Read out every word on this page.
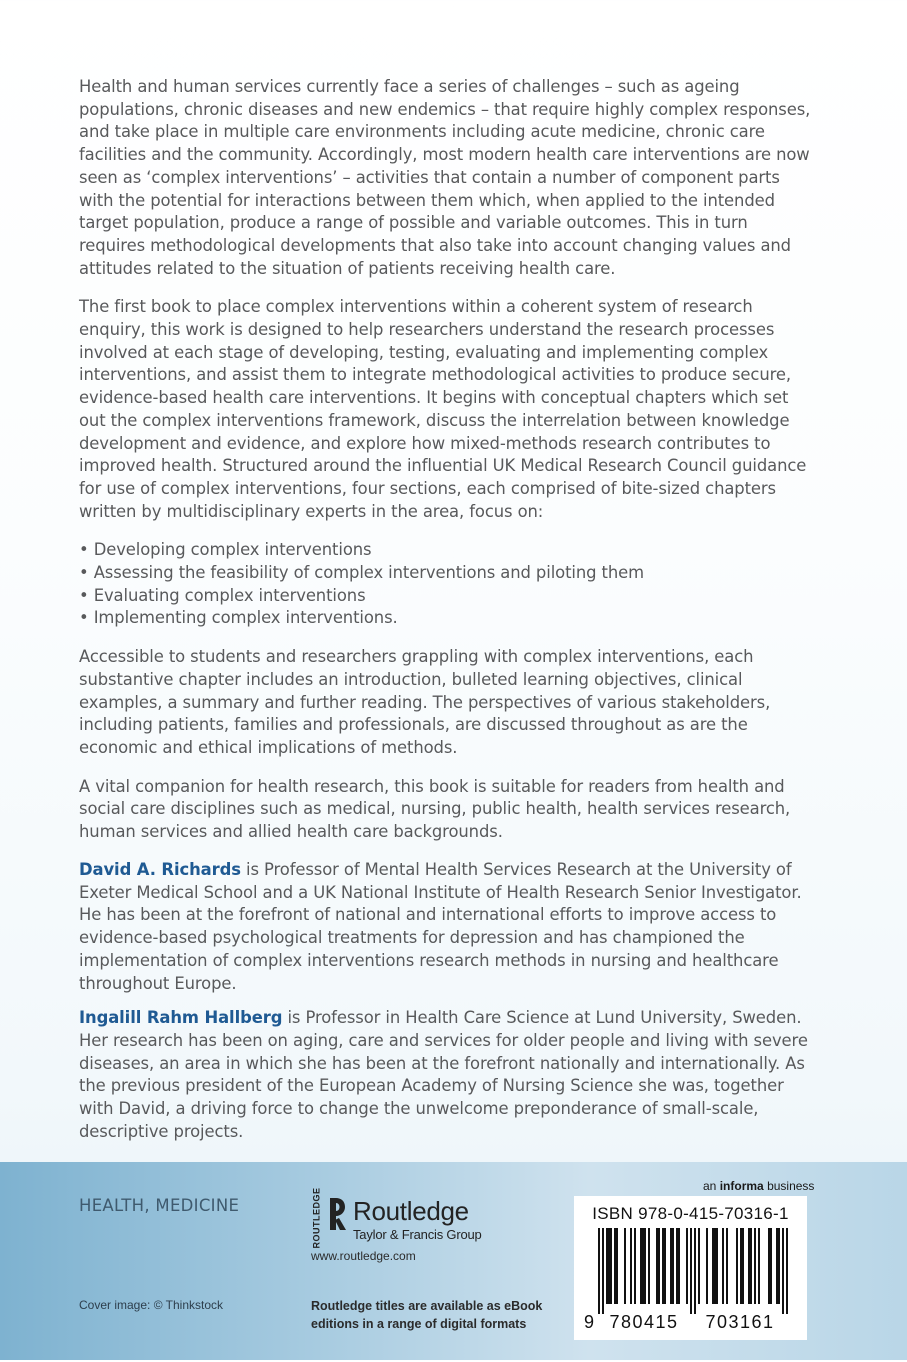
Health and human services currently face a series of challenges – such as ageing populations, chronic diseases and new endemics – that require highly complex responses, and take place in multiple care environments including acute medicine, chronic care facilities and the community. Accordingly, most modern health care interventions are now seen as ‘complex interventions’ – activities that contain a number of component parts with the potential for interactions between them which, when applied to the intended target population, produce a range of possible and variable outcomes. This in turn requires methodological developments that also take into account changing values and attitudes related to the situation of patients receiving health care.

The first book to place complex interventions within a coherent system of research enquiry, this work is designed to help researchers understand the research processes involved at each stage of developing, testing, evaluating and implementing complex interventions, and assist them to integrate methodological activities to produce secure, evidence-based health care interventions. It begins with conceptual chapters which set out the complex interventions framework, discuss the interrelation between knowledge development and evidence, and explore how mixed-methods research contributes to improved health. Structured around the influential UK Medical Research Council guidance for use of complex interventions, four sections, each comprised of bite-sized chapters written by multidisciplinary experts in the area, focus on:

• Developing complex interventions
• Assessing the feasibility of complex interventions and piloting them
• Evaluating complex interventions
• Implementing complex interventions.

Accessible to students and researchers grappling with complex interventions, each substantive chapter includes an introduction, bulleted learning objectives, clinical examples, a summary and further reading. The perspectives of various stakeholders, including patients, families and professionals, are discussed throughout as are the economic and ethical implications of methods.

A vital companion for health research, this book is suitable for readers from health and social care disciplines such as medical, nursing, public health, health services research, human services and allied health care backgrounds.

David A. Richards is Professor of Mental Health Services Research at the University of Exeter Medical School and a UK National Institute of Health Research Senior Investigator. He has been at the forefront of national and international efforts to improve access to evidence-based psychological treatments for depression and has championed the implementation of complex interventions research methods in nursing and healthcare throughout Europe.

Ingalill Rahm Hallberg is Professor in Health Care Science at Lund University, Sweden. Her research has been on aging, care and services for older people and living with severe diseases, an area in which she has been at the forefront nationally and internationally. As the previous president of the European Academy of Nursing Science she was, together with David, a driving force to change the unwelcome preponderance of small-scale, descriptive projects.

HEALTH, MEDICINE
Cover image: © Thinkstock
ROUTLEDGE Routledge
Taylor & Francis Group
www.routledge.com
Routledge titles are available as eBook editions in a range of digital formats
an informa business
ISBN 978-0-415-70316-1
9 780415 703161
